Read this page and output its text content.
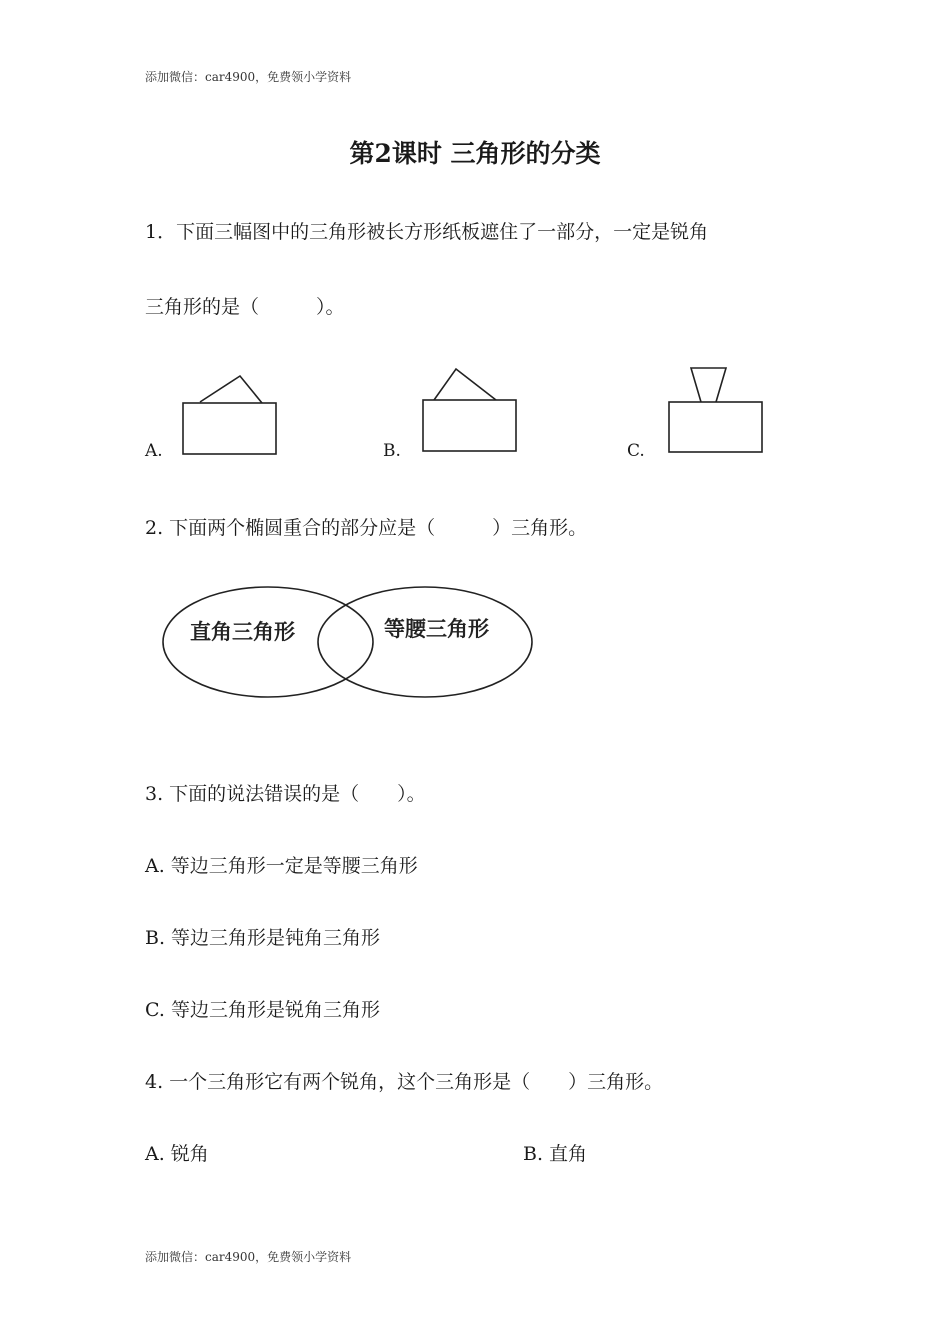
添加微信：car4900，免费领小学资料
第2课时 三角形的分类
1．下面三幅图中的三角形被长方形纸板遮住了一部分，一定是锐角
三角形的是（　　　）。
A.	B.	C.
2. 下面两个椭圆重合的部分应是（　　　）三角形。
直角三角形	等腰三角形
3. 下面的说法错误的是（　　）。
A. 等边三角形一定是等腰三角形
B. 等边三角形是钝角三角形
C. 等边三角形是锐角三角形
4. 一个三角形它有两个锐角，这个三角形是（　　）三角形。
A. 锐角	B. 直角
添加微信：car4900，免费领小学资料
